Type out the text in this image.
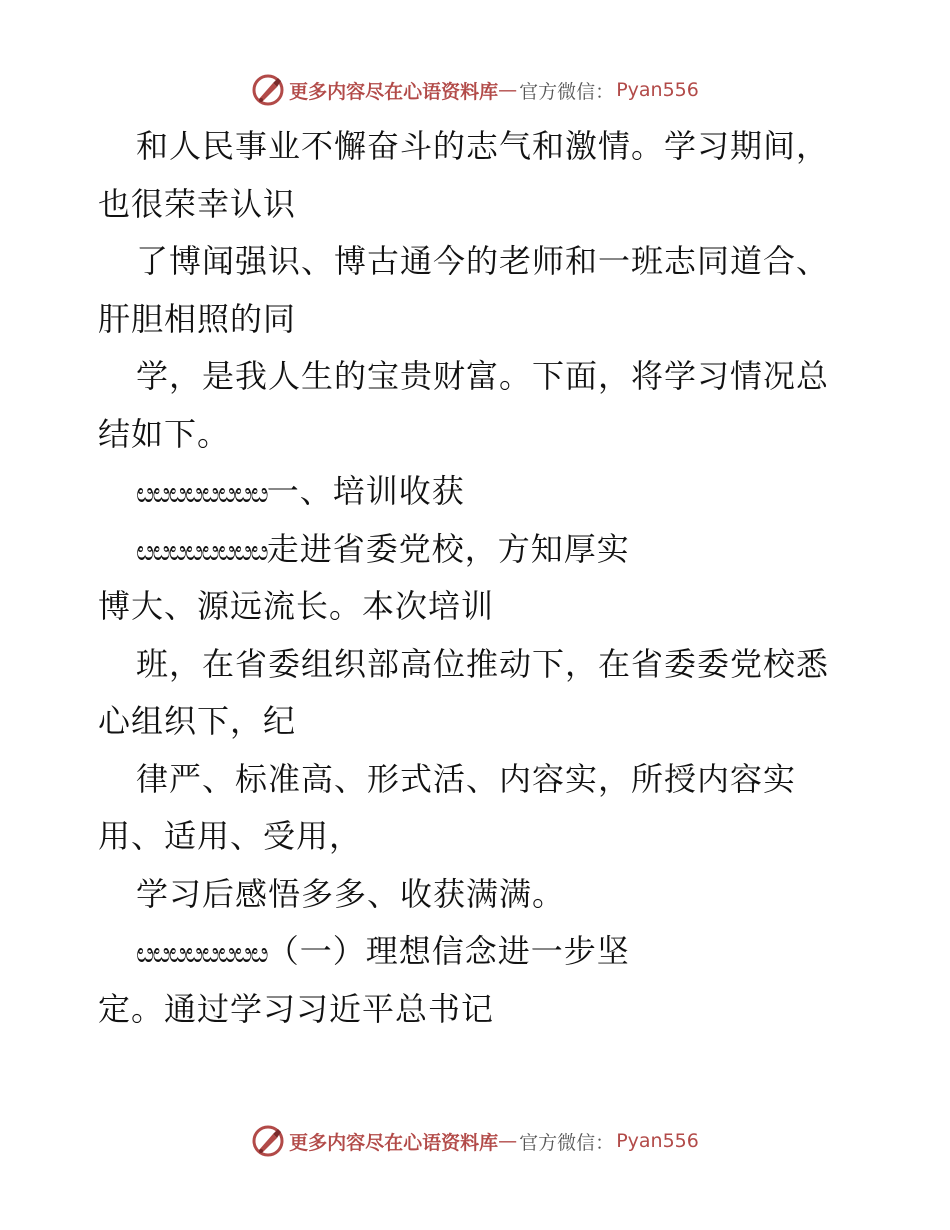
更多内容尽在心语资料库 — 官方微信： Pyan556
和人民事业不懈奋斗的志气和激情。学习期间，
也很荣幸认识
了博闻强识、博古通今的老师和一班志同道合、
肝胆相照的同
学，是我人生的宝贵财富。下面，将学习情况总
结如下。
ೞೞೞೞೞೞೞೞ一、培训收获
ೞೞೞೞೞೞೞೞ走进省委党校，方知厚实
博大、源远流长。本次培训
班，在省委组织部高位推动下，在省委委党校悉
心组织下，纪
律严、标准高、形式活、内容实，所授内容实
用、适用、受用，
学习后感悟多多、收获满满。
ೞೞೞೞೞೞೞೞ（一）理想信念进一步坚
定。通过学习习近平总书记
更多内容尽在心语资料库 — 官方微信： Pyan556
